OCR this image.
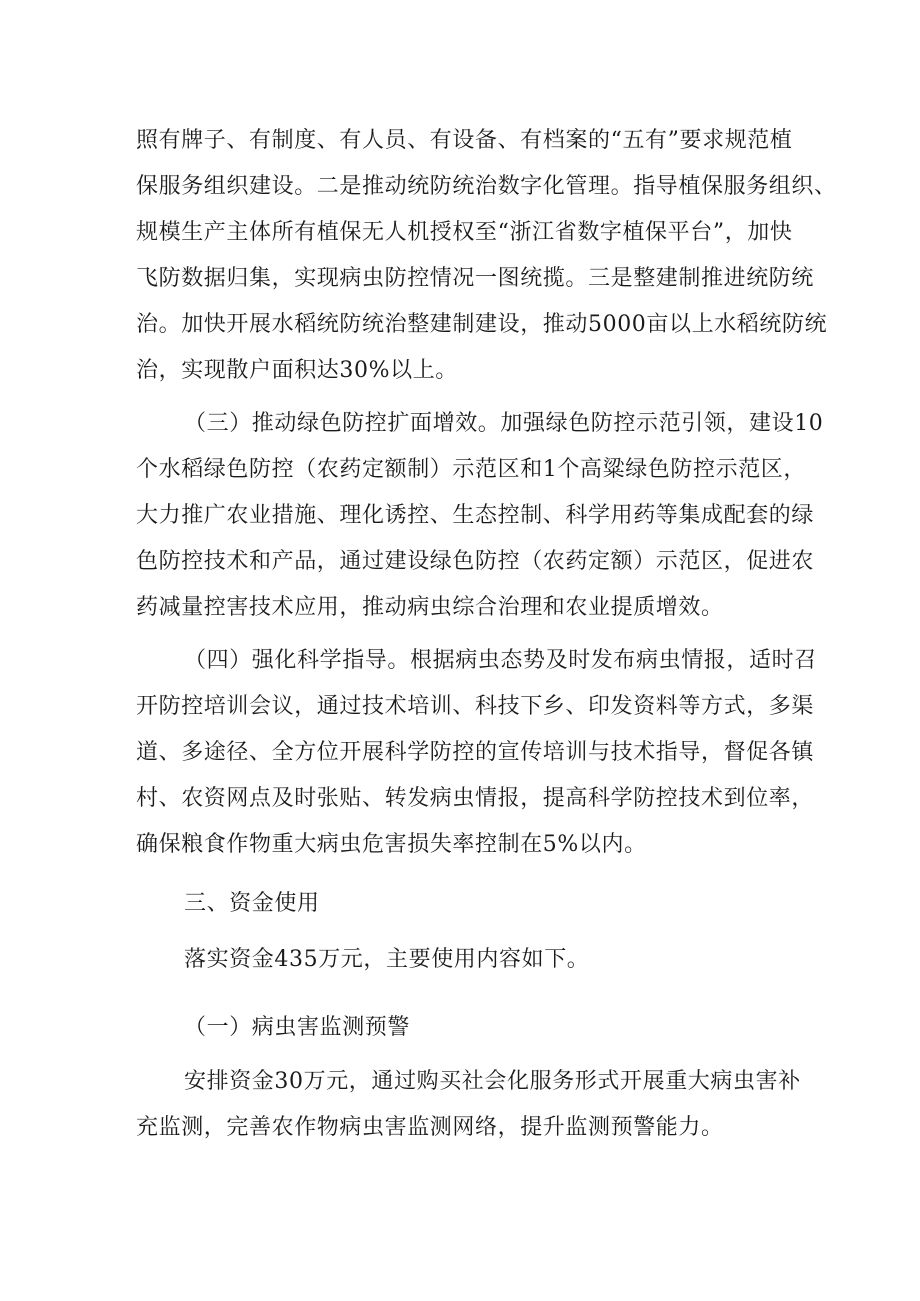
照有牌子、有制度、有人员、有设备、有档案的“五有”要求规范植
保服务组织建设。二是推动统防统治数字化管理。指导植保服务组织、
规模生产主体所有植保无人机授权至“浙江省数字植保平台”，加快
飞防数据归集，实现病虫防控情况一图统揽。三是整建制推进统防统
治。加快开展水稻统防统治整建制建设，推动5000亩以上水稻统防统
治，实现散户面积达30%以上。
（三）推动绿色防控扩面增效。加强绿色防控示范引领，建设10
个水稻绿色防控（农药定额制）示范区和1个高粱绿色防控示范区，
大力推广农业措施、理化诱控、生态控制、科学用药等集成配套的绿
色防控技术和产品，通过建设绿色防控（农药定额）示范区，促进农
药减量控害技术应用，推动病虫综合治理和农业提质增效。
（四）强化科学指导。根据病虫态势及时发布病虫情报，适时召
开防控培训会议，通过技术培训、科技下乡、印发资料等方式，多渠
道、多途径、全方位开展科学防控的宣传培训与技术指导，督促各镇
村、农资网点及时张贴、转发病虫情报，提高科学防控技术到位率，
确保粮食作物重大病虫危害损失率控制在5%以内。
三、资金使用
落实资金435万元，主要使用内容如下。
（一）病虫害监测预警
安排资金30万元，通过购买社会化服务形式开展重大病虫害补
充监测，完善农作物病虫害监测网络，提升监测预警能力。
